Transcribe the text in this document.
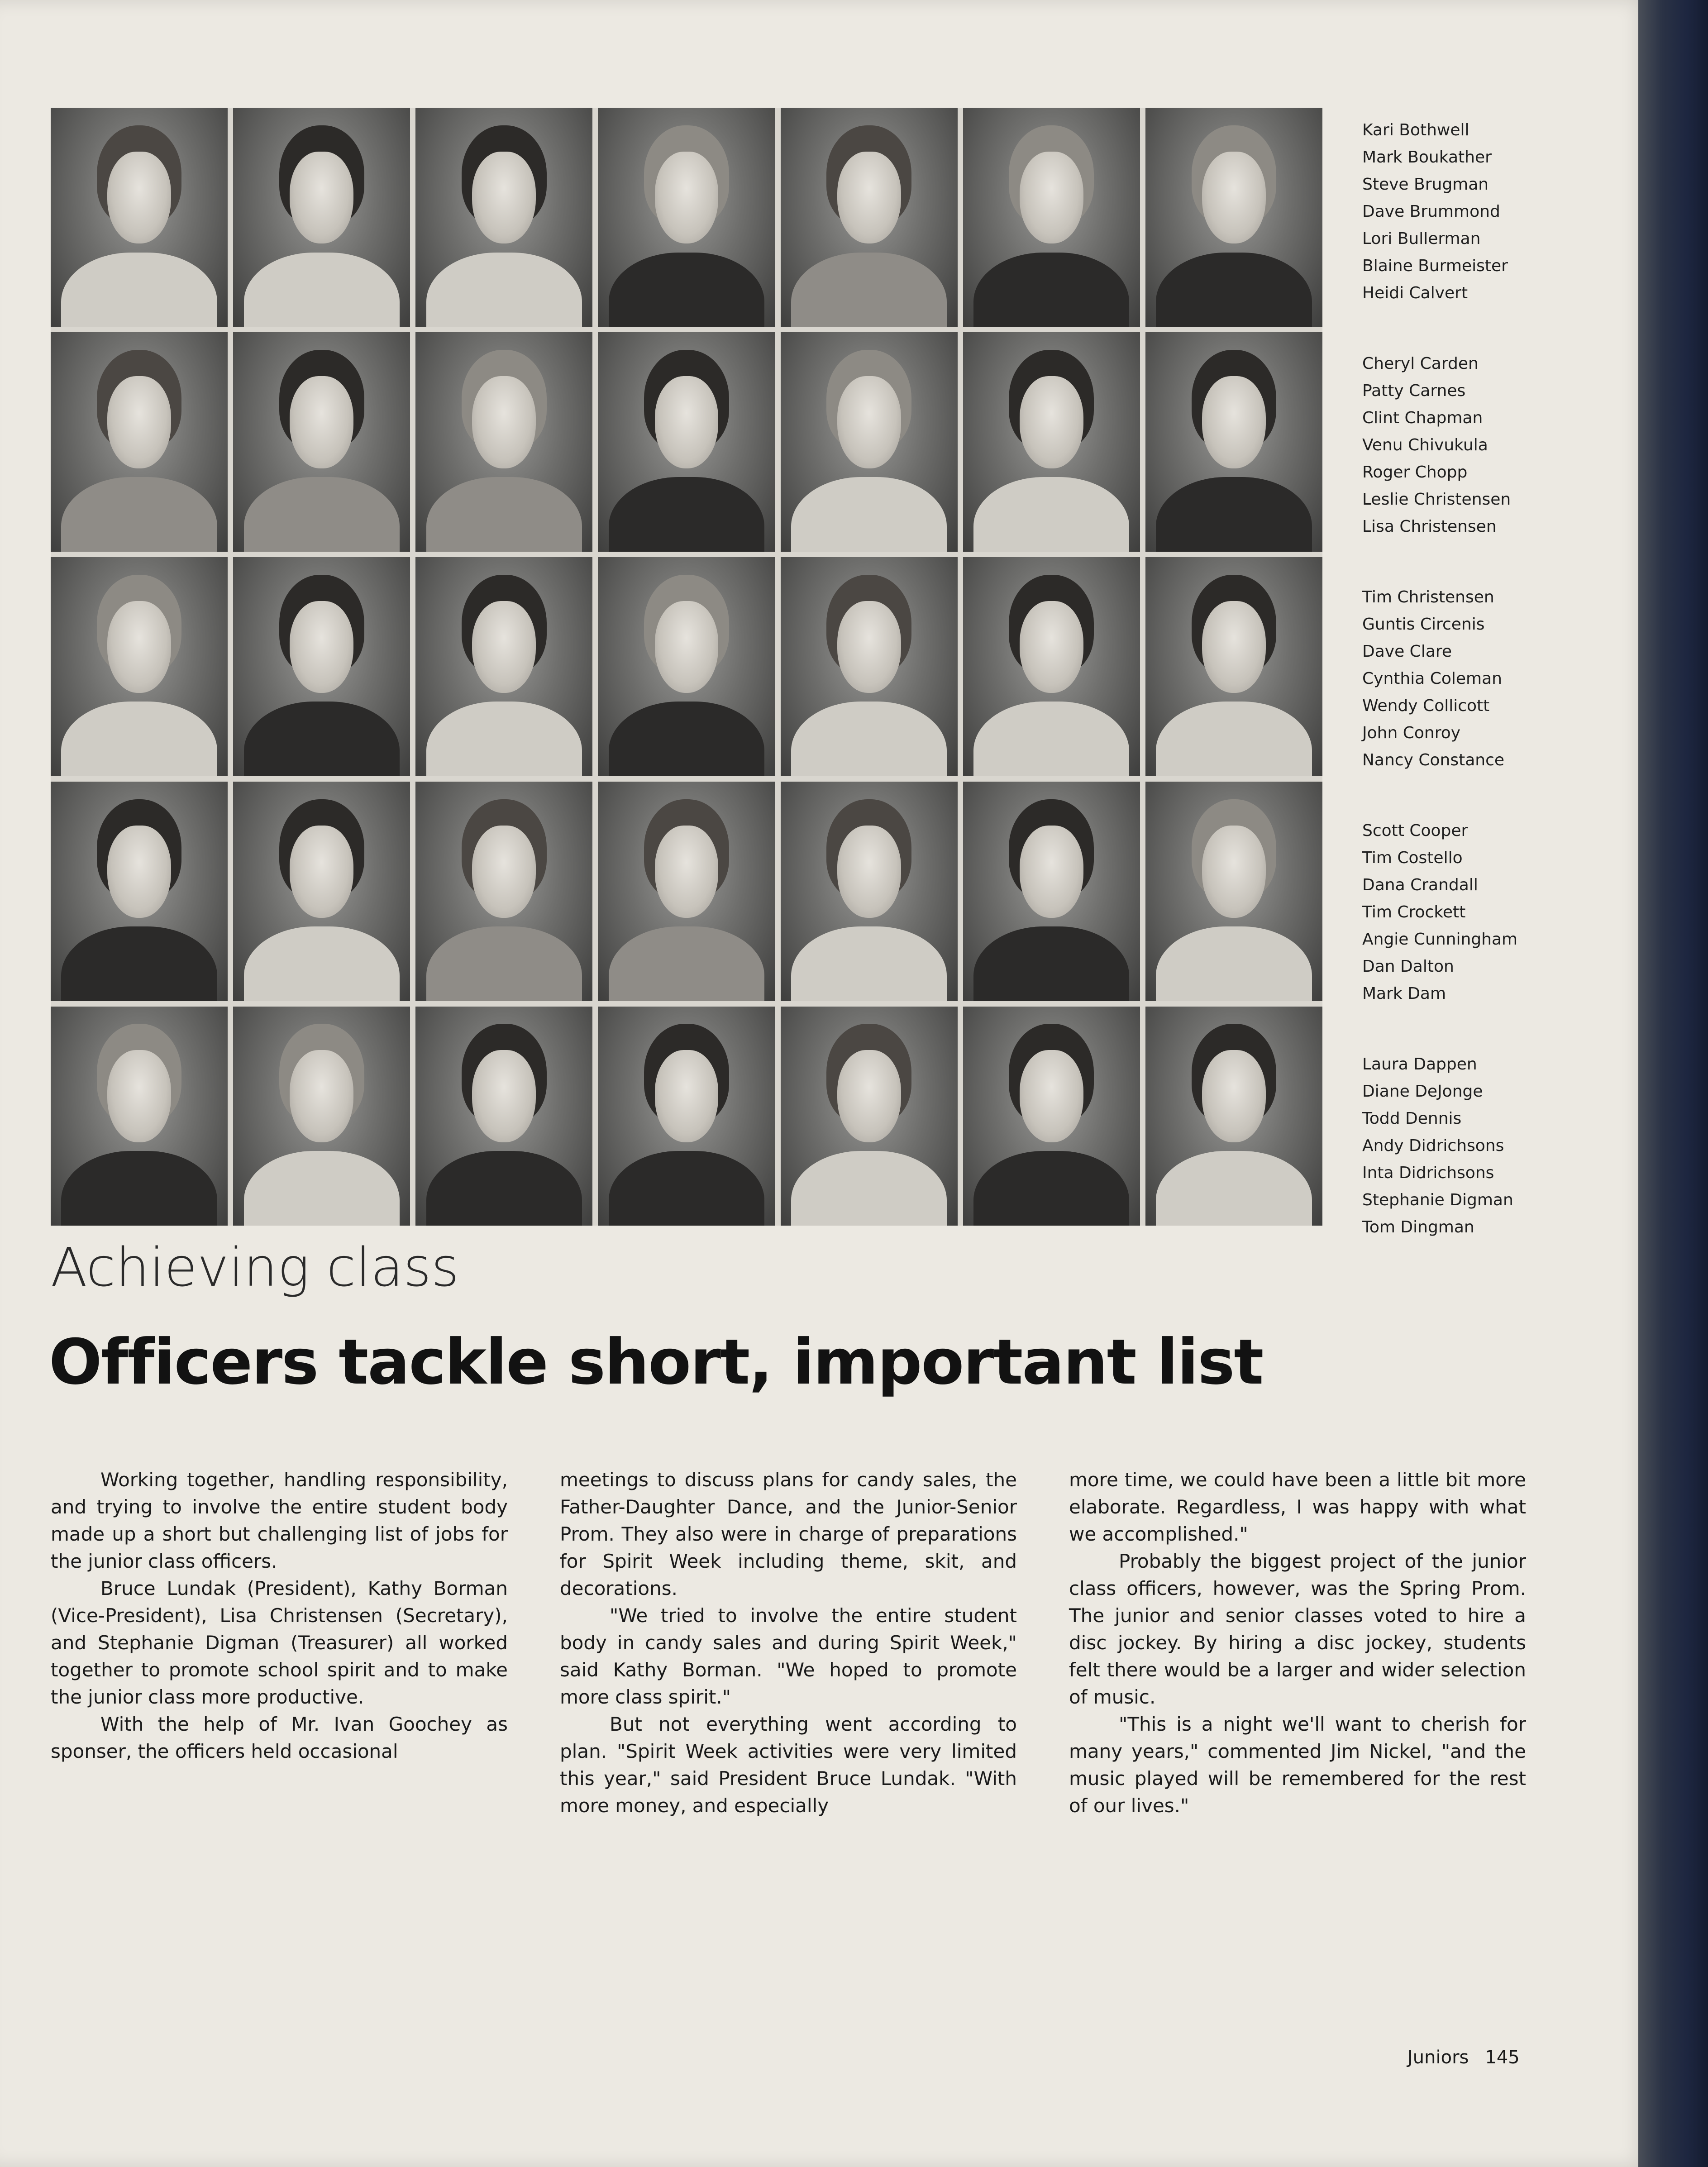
Kari Bothwell
Mark Boukather
Steve Brugman
Dave Brummond
Lori Bullerman
Blaine Burmeister
Heidi Calvert
Cheryl Carden
Patty Carnes
Clint Chapman
Venu Chivukula
Roger Chopp
Leslie Christensen
Lisa Christensen
Tim Christensen
Guntis Circenis
Dave Clare
Cynthia Coleman
Wendy Collicott
John Conroy
Nancy Constance
Scott Cooper
Tim Costello
Dana Crandall
Tim Crockett
Angie Cunningham
Dan Dalton
Mark Dam
Laura Dappen
Diane DeJonge
Todd Dennis
Andy Didrichsons
Inta Didrichsons
Stephanie Digman
Tom Dingman
Achieving class
Officers tackle short, important list

Working together, handling responsibility, and trying to involve the entire student body made up a short but challenging list of jobs for the junior class officers.

Bruce Lundak (President), Kathy Borman (Vice-President), Lisa Christensen (Secretary), and Stephanie Digman (Treasurer) all worked together to promote school spirit and to make the junior class more productive.

With the help of Mr. Ivan Goochey as sponser, the officers held occasional

meetings to discuss plans for candy sales, the Father-Daughter Dance, and the Junior-Senior Prom. They also were in charge of preparations for Spirit Week including theme, skit, and decorations.

"We tried to involve the entire student body in candy sales and during Spirit Week," said Kathy Borman. "We hoped to promote more class spirit."

But not everything went according to plan. "Spirit Week activities were very limited this year," said President Bruce Lundak. "With more money, and especially

more time, we could have been a little bit more elaborate. Regardless, I was happy with what we accomplished."

Probably the biggest project of the junior class officers, however, was the Spring Prom. The junior and senior classes voted to hire a disc jockey. By hiring a disc jockey, students felt there would be a larger and wider selection of music.

"This is a night we'll want to cherish for many years," commented Jim Nickel, "and the music played will be remembered for the rest of our lives."

Juniors 145
